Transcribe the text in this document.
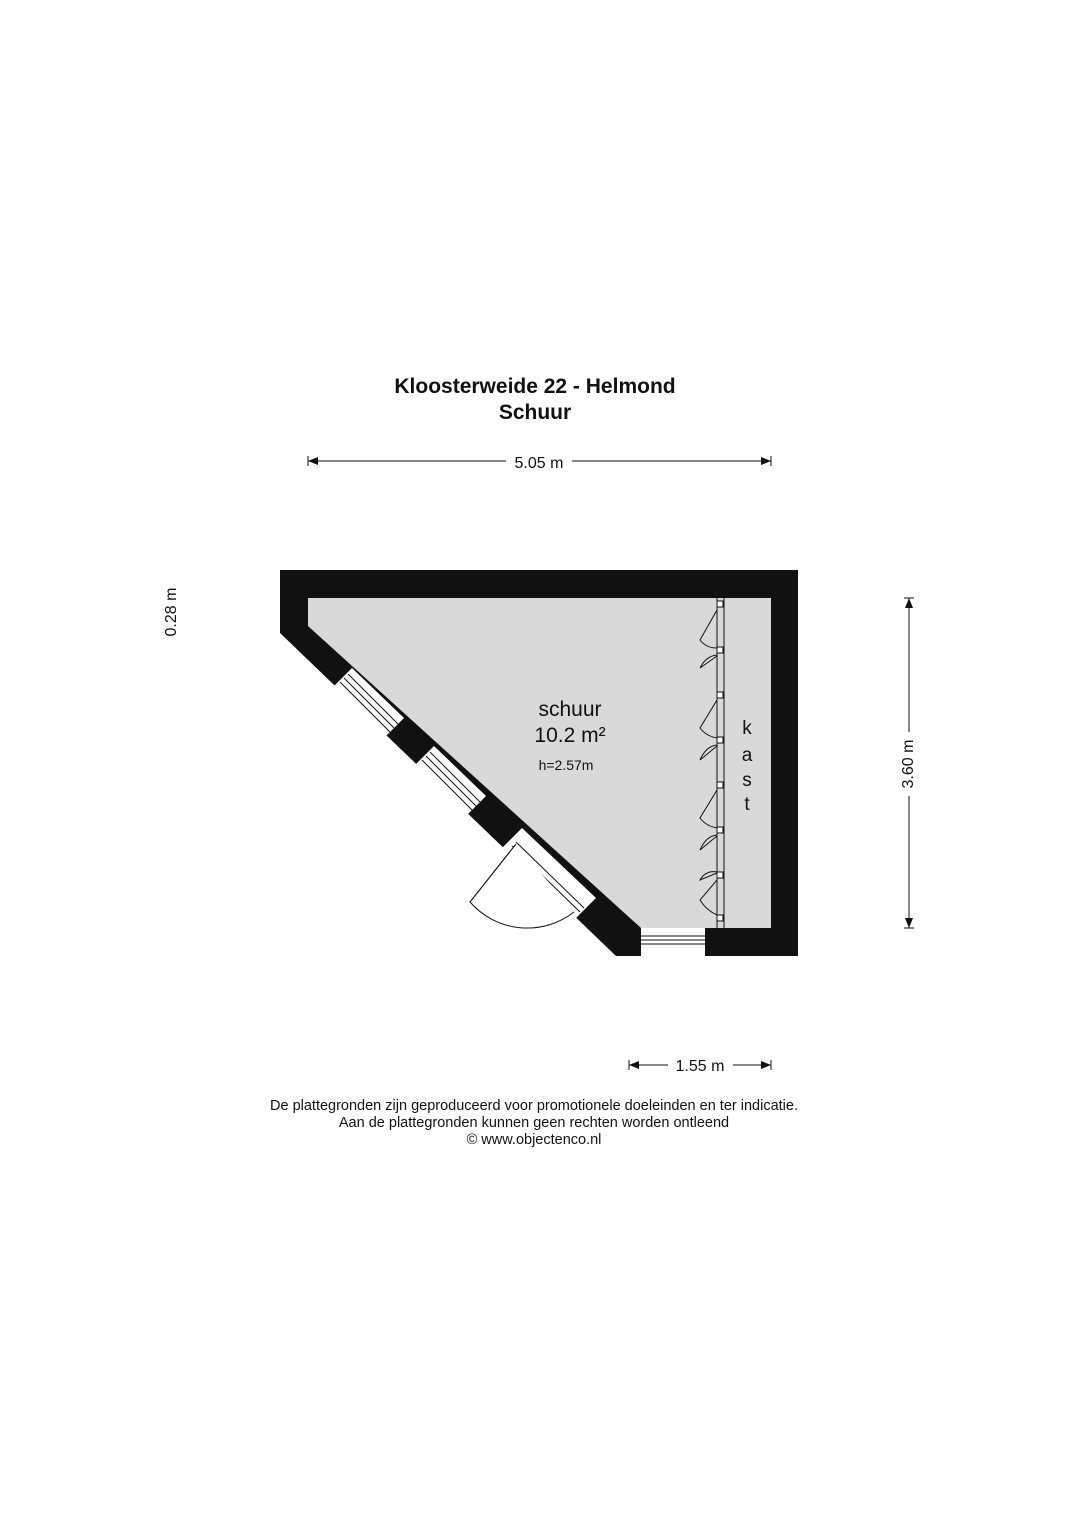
Kloosterweide 22 - Helmond
Schuur
schuur
10.2 m²
h=2.57m
k
a
s
t
5.05 m
3.60 m
0.28 m
1.55 m
De plattegronden zijn geproduceerd voor promotionele doeleinden en ter indicatie.
Aan de plattegronden kunnen geen rechten worden ontleend
© www.objectenco.nl
